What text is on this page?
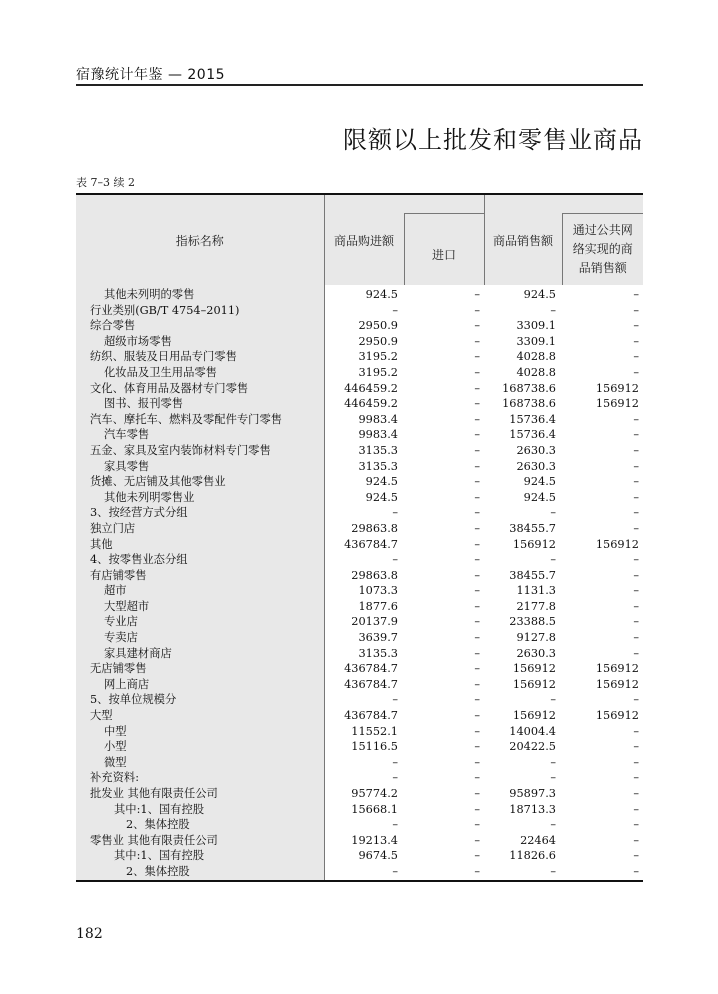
宿豫统计年鉴 — 2015
限额以上批发和零售业商品
表 7–3 续 2
指标名称	商品购进额		商品销售额	
		进口		通过公共网络实现的商品销售额
其他未列明的零售	924.5	–	924.5	–
行业类别(GB/T 4754–2011)	–	–	–	–
综合零售	2950.9	–	3309.1	–
超级市场零售	2950.9	–	3309.1	–
纺织、服装及日用品专门零售	3195.2	–	4028.8	–
化妆品及卫生用品零售	3195.2	–	4028.8	–
文化、体育用品及器材专门零售	446459.2	–	168738.6	156912
图书、报刊零售	446459.2	–	168738.6	156912
汽车、摩托车、燃料及零配件专门零售	9983.4	–	15736.4	–
汽车零售	9983.4	–	15736.4	–
五金、家具及室内装饰材料专门零售	3135.3	–	2630.3	–
家具零售	3135.3	–	2630.3	–
货摊、无店铺及其他零售业	924.5	–	924.5	–
其他未列明零售业	924.5	–	924.5	–
3、按经营方式分组	–	–	–	–
独立门店	29863.8	–	38455.7	–
其他	436784.7	–	156912	156912
4、按零售业态分组	–	–	–	–
有店铺零售	29863.8	–	38455.7	–
超市	1073.3	–	1131.3	–
大型超市	1877.6	–	2177.8	–
专业店	20137.9	–	23388.5	–
专卖店	3639.7	–	9127.8	–
家具建材商店	3135.3	–	2630.3	–
无店铺零售	436784.7	–	156912	156912
网上商店	436784.7	–	156912	156912
5、按单位规模分	–	–	–	–
大型	436784.7	–	156912	156912
中型	11552.1	–	14004.4	–
小型	15116.5	–	20422.5	–
微型	–	–	–	–
补充资料:	–	–	–	–
批发业 其他有限责任公司	95774.2	–	95897.3	–
其中:1、国有控股	15668.1	–	18713.3	–
2、集体控股	–	–	–	–
零售业 其他有限责任公司	19213.4	–	22464	–
其中:1、国有控股	9674.5	–	11826.6	–
2、集体控股	–	–	–	–
182
